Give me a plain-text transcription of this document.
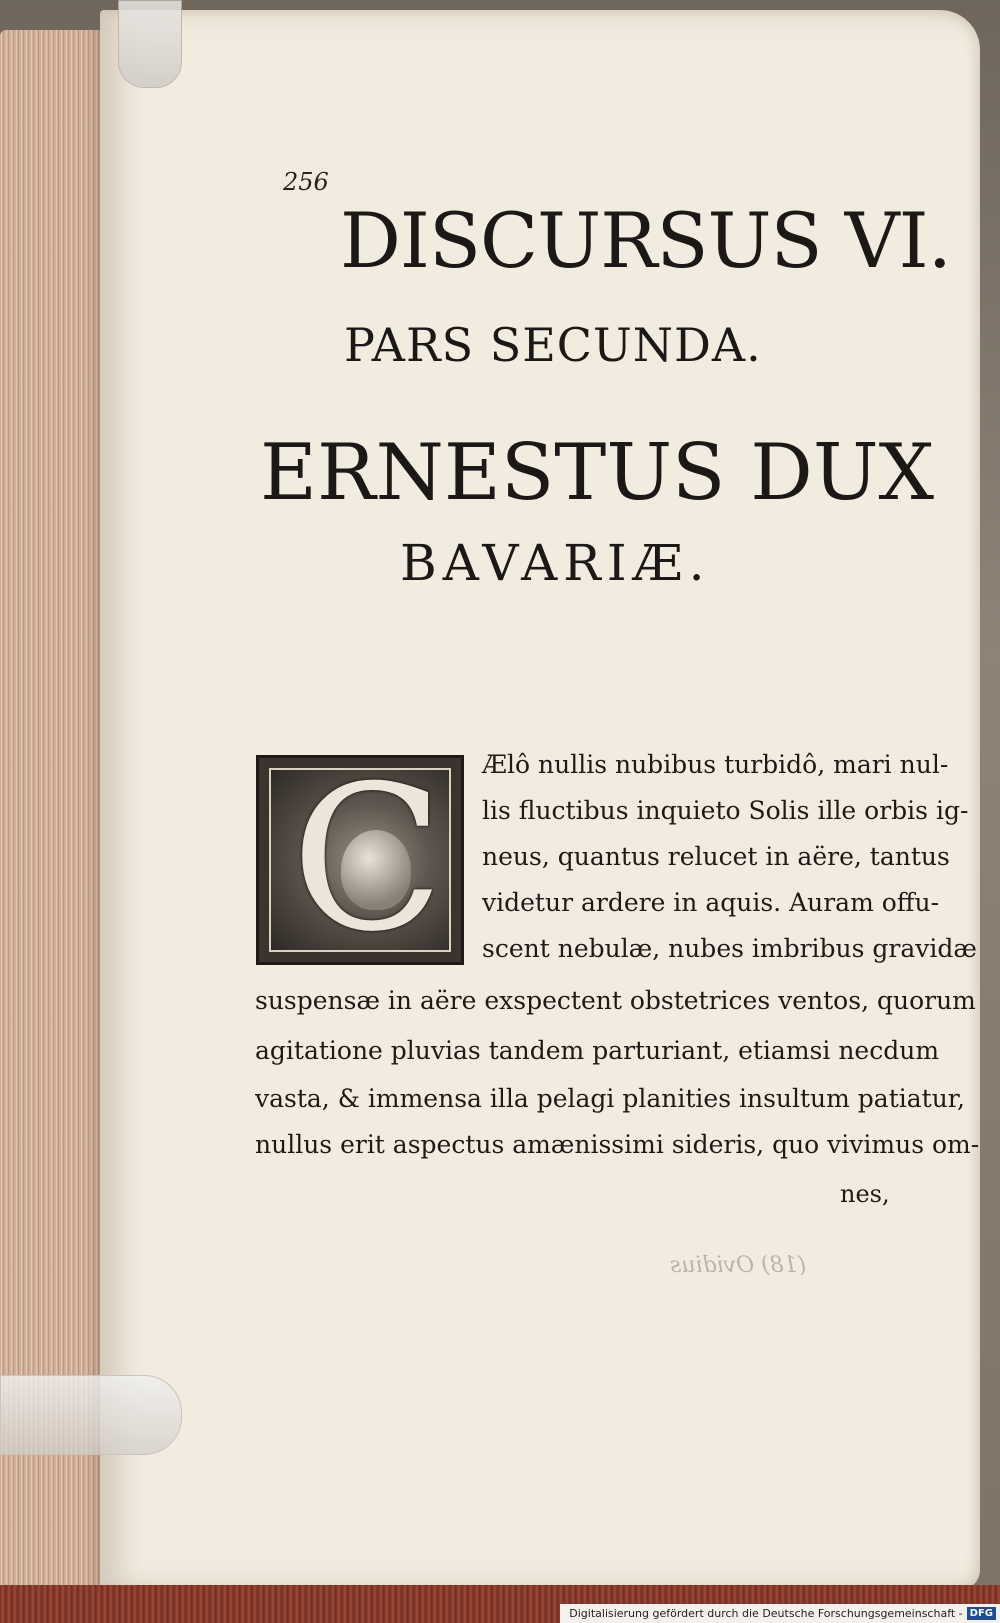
256
DISCURSUS VI.
PARS SECUNDA.
ERNESTUS DUX
BAVARIÆ.
C Ælô nullis nubibus turbidô, mari nul-
lis fluctibus inquieto Solis ille orbis ig-
neus, quantus relucet in aëre, tantus
videtur ardere in aquis. Auram offu-
scent nebulæ, nubes imbribus gravidæ
suspensæ in aëre exspectent obstetrices ventos, quorum
agitatione pluvias tandem parturiant, etiamsi necdum
vasta, & immensa illa pelagi planities insultum patiatur,
nullus erit aspectus amænissimi sideris, quo vivimus om-
nes,
(18) Ovidius
Digitalisierung gefördert durch die Deutsche Forschungsgemeinschaft - DFG
